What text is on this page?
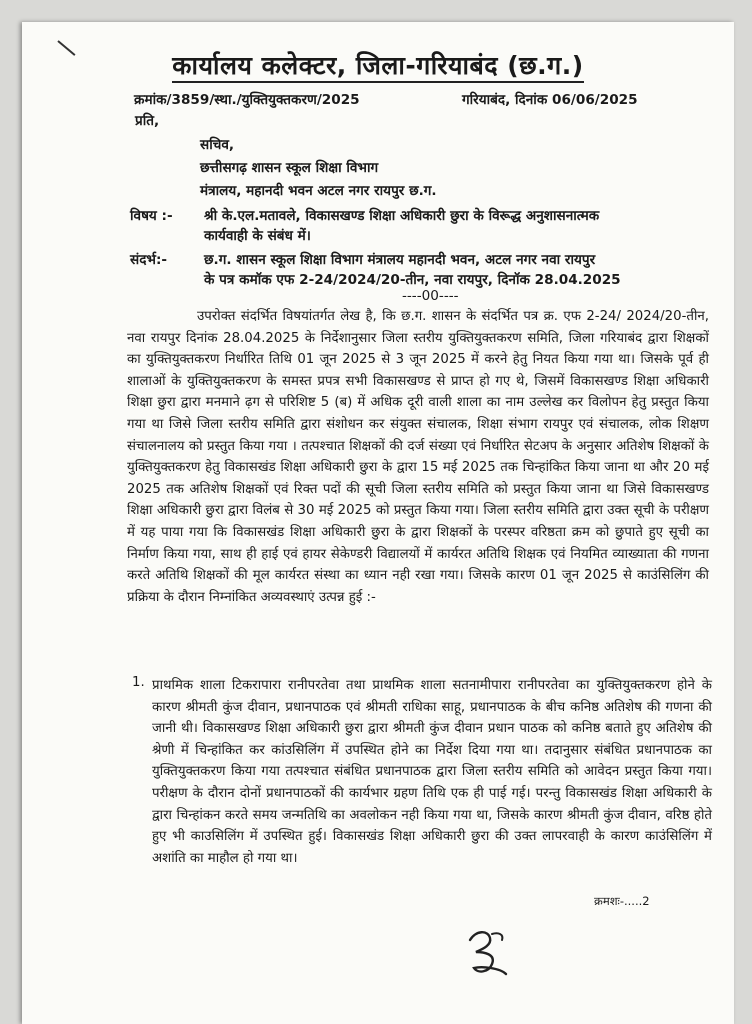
कार्यालय कलेक्टर, जिला-गरियाबंद (छ.ग.)
क्रमांक/3859/स्था./युक्तियुक्तकरण/2025	गरियाबंद, दिनांक 06/06/2025
प्रति,
सचिव,
छत्तीसगढ़ शासन स्कूल शिक्षा विभाग
मंत्रालय, महानदी भवन अटल नगर रायपुर छ.ग.
विषय :- श्री के.एल.मतावले, विकासखण्ड शिक्षा अधिकारी छुरा के विरूद्ध अनुशासनात्मक
कार्यवाही के संबंध में।
संदर्भ:-	छ.ग. शासन स्कूल शिक्षा विभाग मंत्रालय महानदी भवन, अटल नगर नवा रायपुर
के पत्र कमॉक एफ 2-24/2024/20-तीन, नवा रायपुर, दिनॉक 28.04.2025
----00----
उपरोक्त संदर्भित विषयांतर्गत लेख है, कि छ.ग. शासन के संदर्भित पत्र क्र. एफ 2-24/ 2024/20-तीन, नवा रायपुर दिनांक 28.04.2025 के निर्देशानुसार जिला स्तरीय युक्तियुक्तकरण समिति, जिला गरियाबंद द्वारा शिक्षकों का युक्तियुक्तकरण निर्धारित तिथि 01 जून 2025 से 3 जून 2025 में करने हेतु नियत किया गया था। जिसके पूर्व ही शालाओं के युक्तियुक्तकरण के समस्त प्रपत्र सभी विकासखण्ड से प्राप्त हो गए थे, जिसमें विकासखण्ड शिक्षा अधिकारी शिक्षा छुरा द्वारा मनमाने ढ़ग से परिशिष्ट 5 (ब) में अधिक दूरी वाली शाला का नाम उल्लेख कर विलोपन हेतु प्रस्तुत किया गया था जिसे जिला स्तरीय समिति द्वारा संशोधन कर संयुक्त संचालक, शिक्षा संभाग रायपुर एवं संचालक, लोक शिक्षण संचालनालय को प्रस्तुत किया गया । तत्पश्चात शिक्षकों की दर्ज संख्या एवं निर्धारित सेटअप के अनुसार अतिशेष शिक्षकों के युक्तियुक्तकरण हेतु विकासखंड शिक्षा अधिकारी छुरा के द्वारा 15 मई 2025 तक चिन्हांकित किया जाना था और 20 मई 2025 तक अतिशेष शिक्षकों एवं रिक्त पदों की सूची जिला स्तरीय समिति को प्रस्तुत किया जाना था जिसे विकासखण्ड शिक्षा अधिकारी छुरा द्वारा विलंब से 30 मई 2025 को प्रस्तुत किया गया। जिला स्तरीय समिति द्वारा उक्त सूची के परीक्षण में यह पाया गया कि विकासखंड शिक्षा अधिकारी छुरा के द्वारा शिक्षकों के परस्पर वरिष्ठता क्रम को छुपाते हुए सूची का निर्माण किया गया, साथ ही हाई एवं हायर सेकेण्डरी विद्यालयों में कार्यरत अतिथि शिक्षक एवं नियमित व्याख्याता की गणना करते अतिथि शिक्षकों की मूल कार्यरत संस्था का ध्यान नही रखा गया। जिसके कारण 01 जून 2025 से काउंसिलिंग की प्रक्रिया के दौरान निम्नांकित अव्यवस्थाएं उत्पन्न हुई :-
1. प्राथमिक शाला टिकरापारा रानीपरतेवा तथा प्राथमिक शाला सतनामीपारा रानीपरतेवा का युक्तियुक्तकरण होने के कारण श्रीमती कुंज दीवान, प्रधानपाठक एवं श्रीमती राधिका साहू, प्रधानपाठक के बीच कनिष्ठ अतिशेष की गणना की जानी थी। विकासखण्ड शिक्षा अधिकारी छुरा द्वारा श्रीमती कुंज दीवान प्रधान पाठक को कनिष्ठ बताते हुए अतिशेष की श्रेणी में चिन्हांकित कर कांउसिलिंग में उपस्थित होने का निर्देश दिया गया था। तदानुसार संबंधित प्रधानपाठक का युक्तियुक्तकरण किया गया तत्पश्चात संबंधित प्रधानपाठक द्वारा जिला स्तरीय समिति को आवेदन प्रस्तुत किया गया। परीक्षण के दौरान दोनों प्रधानपाठकों की कार्यभार ग्रहण तिथि एक ही पाई गई। परन्तु विकासखंड शिक्षा अधिकारी के द्वारा चिन्हांकन करते समय जन्मतिथि का अवलोकन नही किया गया था, जिसके कारण श्रीमती कुंज दीवान, वरिष्ठ होते हुए भी काउसिलिंग में उपस्थित हुई। विकासखंड शिक्षा अधिकारी छुरा की उक्त लापरवाही के कारण काउंसिलिंग में अशांति का माहौल हो गया था।
क्रमशः-.....2
